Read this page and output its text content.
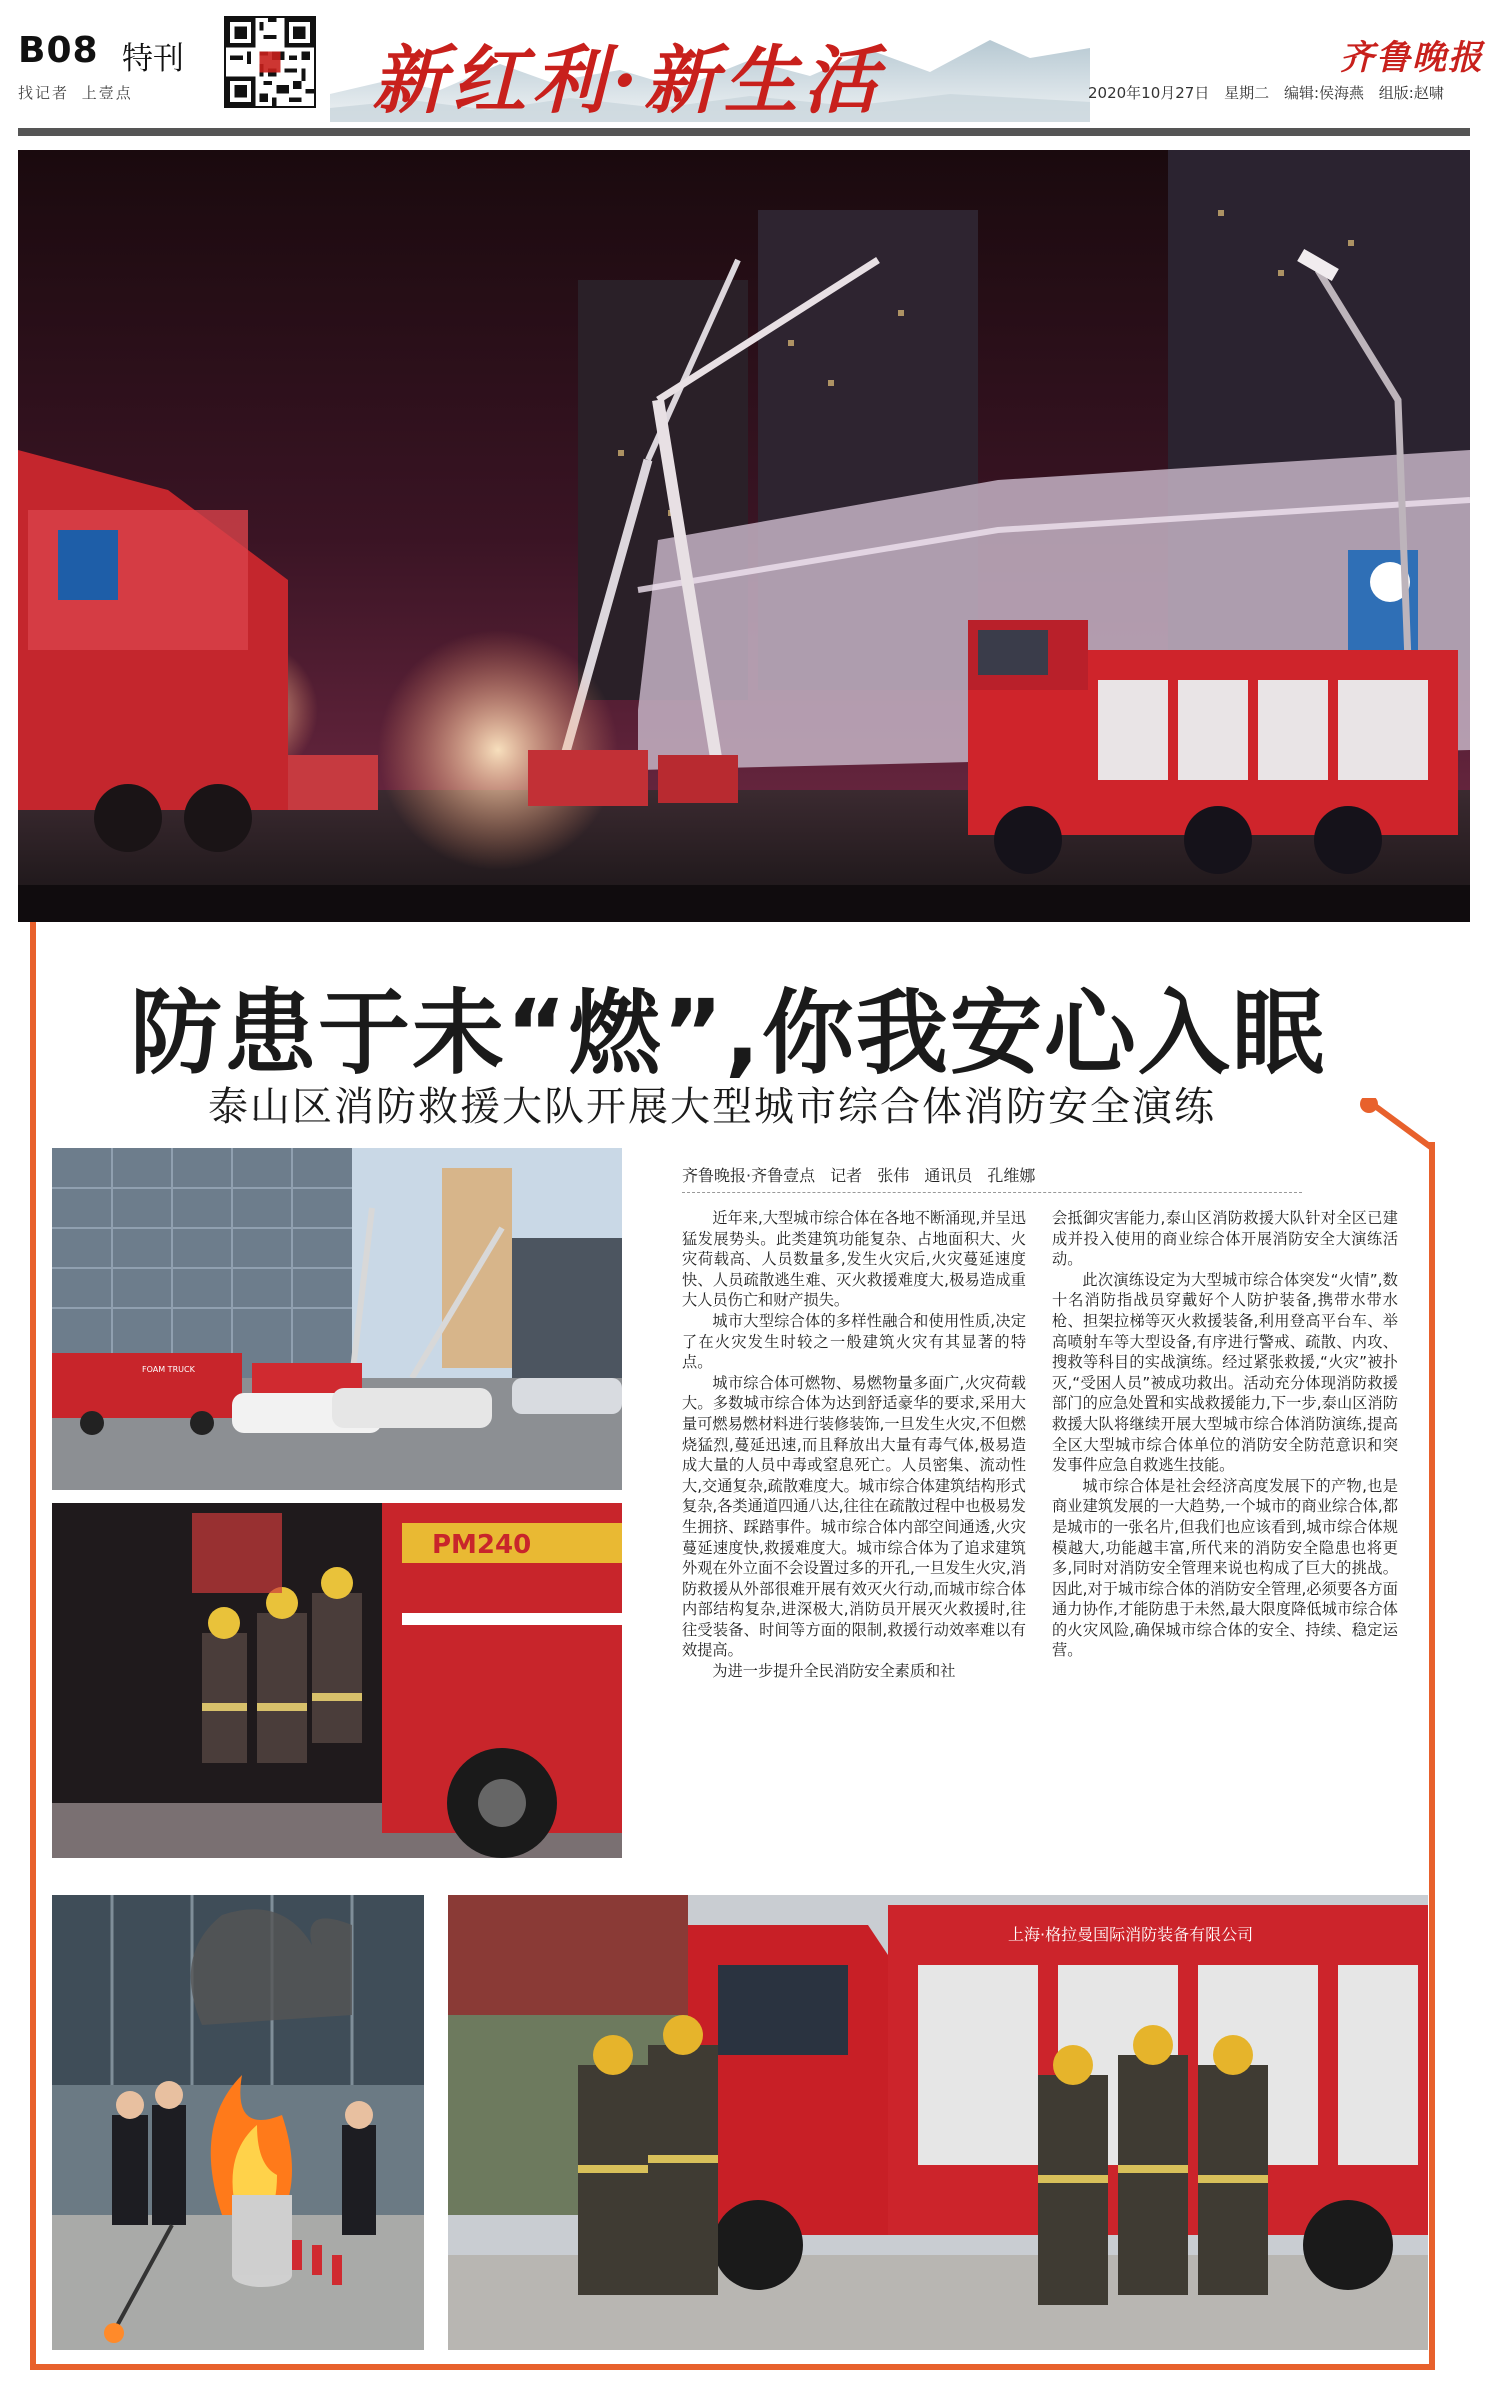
B08 特刊
找记者 上壹点	新红利·新生活	齐鲁晚报
2020年10月27日 星期二 编辑:侯海燕 组版:赵啸
防患于未“燃”,你我安心入眠
泰山区消防救援大队开展大型城市综合体消防安全演练
FOAM TRUCK
PM240
上海·格拉曼国际消防装备有限公司
齐鲁晚报·齐鲁壹点 记者 张伟 通讯员 孔维娜

近年来,大型城市综合体在各地不断涌现,并呈迅猛发展势头。此类建筑功能复杂、占地面积大、火灾荷载高、人员数量多,发生火灾后,火灾蔓延速度快、人员疏散逃生难、灭火救援难度大,极易造成重大人员伤亡和财产损失。

城市大型综合体的多样性融合和使用性质,决定了在火灾发生时较之一般建筑火灾有其显著的特点。

城市综合体可燃物、易燃物量多面广,火灾荷载大。多数城市综合体为达到舒适豪华的要求,采用大量可燃易燃材料进行装修装饰,一旦发生火灾,不但燃烧猛烈,蔓延迅速,而且释放出大量有毒气体,极易造成大量的人员中毒或窒息死亡。人员密集、流动性大,交通复杂,疏散难度大。城市综合体建筑结构形式复杂,各类通道四通八达,往往在疏散过程中也极易发生拥挤、踩踏事件。城市综合体内部空间通透,火灾蔓延速度快,救援难度大。城市综合体为了追求建筑外观在外立面不会设置过多的开孔,一旦发生火灾,消防救援从外部很难开展有效灭火行动,而城市综合体内部结构复杂,进深极大,消防员开展灭火救援时,往往受装备、时间等方面的限制,救援行动效率难以有效提高。

为进一步提升全民消防安全素质和社

会抵御灾害能力,泰山区消防救援大队针对全区已建成并投入使用的商业综合体开展消防安全大演练活动。

此次演练设定为大型城市综合体突发“火情”,数十名消防指战员穿戴好个人防护装备,携带水带水枪、担架拉梯等灭火救援装备,利用登高平台车、举高喷射车等大型设备,有序进行警戒、疏散、内攻、搜救等科目的实战演练。经过紧张救援,“火灾”被扑灭,“受困人员”被成功救出。活动充分体现消防救援部门的应急处置和实战救援能力,下一步,泰山区消防救援大队将继续开展大型城市综合体消防演练,提高全区大型城市综合体单位的消防安全防范意识和突发事件应急自救逃生技能。

城市综合体是社会经济高度发展下的产物,也是商业建筑发展的一大趋势,一个城市的商业综合体,都是城市的一张名片,但我们也应该看到,城市综合体规模越大,功能越丰富,所代来的消防安全隐患也将更多,同时对消防安全管理来说也构成了巨大的挑战。因此,对于城市综合体的消防安全管理,必须要各方面通力协作,才能防患于未然,最大限度降低城市综合体的火灾风险,确保城市综合体的安全、持续、稳定运营。
